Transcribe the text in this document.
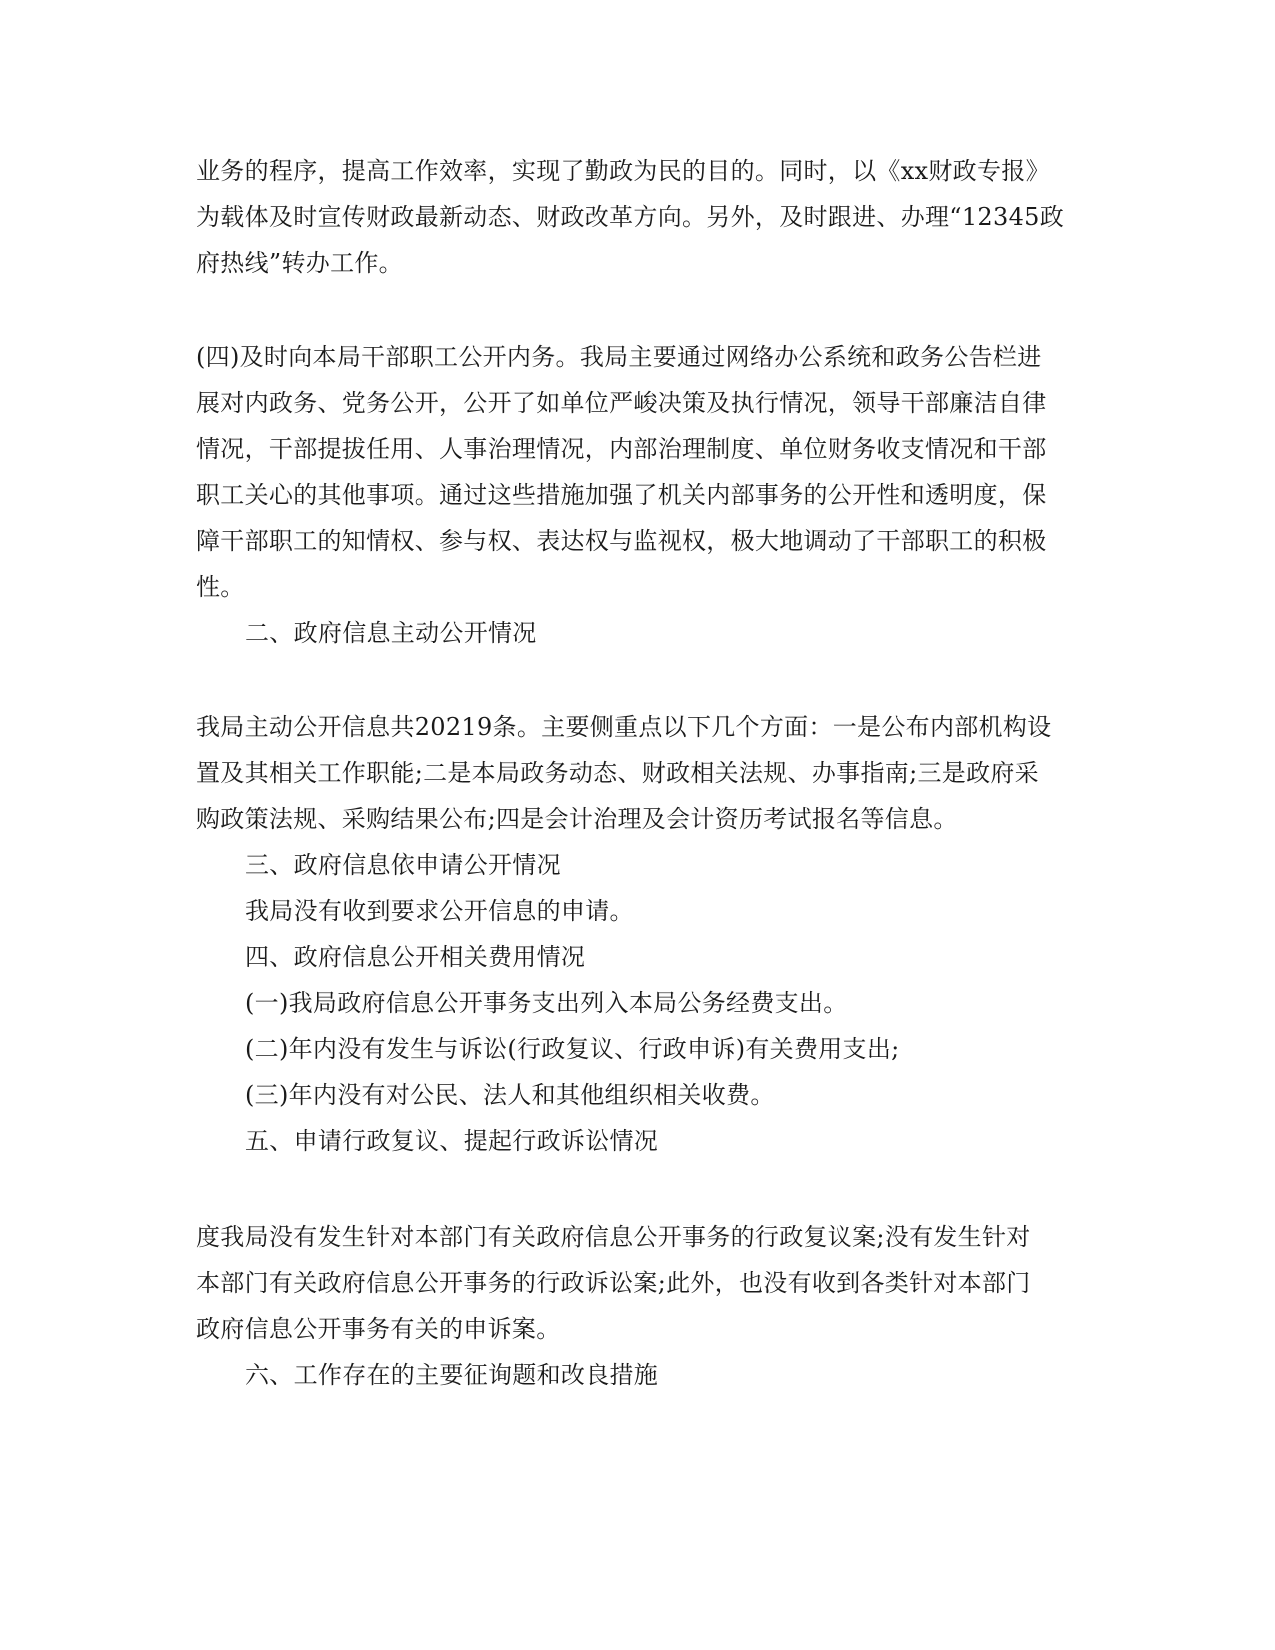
业务的程序，提高工作效率，实现了勤政为民的目的。同时，以《xx财政专报》
为载体及时宣传财政最新动态、财政改革方向。另外，及时跟进、办理“12345政
府热线”转办工作。
(四)及时向本局干部职工公开内务。我局主要通过网络办公系统和政务公告栏进
展对内政务、党务公开，公开了如单位严峻决策及执行情况，领导干部廉洁自律
情况，干部提拔任用、人事治理情况，内部治理制度、单位财务收支情况和干部
职工关心的其他事项。通过这些措施加强了机关内部事务的公开性和透明度，保
障干部职工的知情权、参与权、表达权与监视权，极大地调动了干部职工的积极
性。
二、政府信息主动公开情况
我局主动公开信息共20219条。主要侧重点以下几个方面：一是公布内部机构设
置及其相关工作职能;二是本局政务动态、财政相关法规、办事指南;三是政府采
购政策法规、采购结果公布;四是会计治理及会计资历考试报名等信息。
三、政府信息依申请公开情况
我局没有收到要求公开信息的申请。
四、政府信息公开相关费用情况
(一)我局政府信息公开事务支出列入本局公务经费支出。
(二)年内没有发生与诉讼(行政复议、行政申诉)有关费用支出;
(三)年内没有对公民、法人和其他组织相关收费。
五、申请行政复议、提起行政诉讼情况
度我局没有发生针对本部门有关政府信息公开事务的行政复议案;没有发生针对
本部门有关政府信息公开事务的行政诉讼案;此外，也没有收到各类针对本部门
政府信息公开事务有关的申诉案。
六、工作存在的主要征询题和改良措施
